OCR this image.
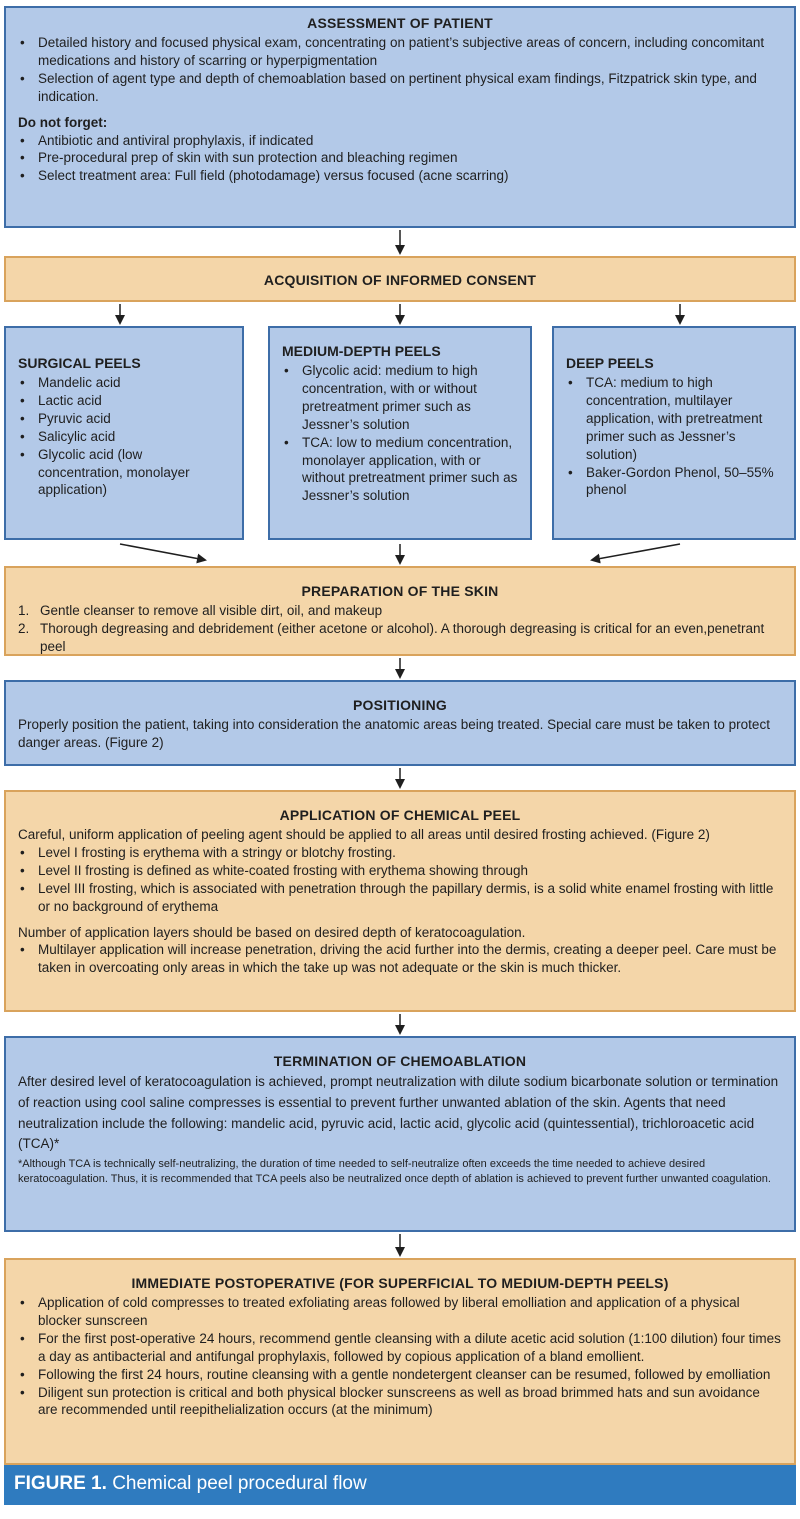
ASSESSMENT OF PATIENT
• Detailed history and focused physical exam, concentrating on patient’s subjective areas of concern, including concomitant medications and history of scarring or hyperpigmentation
• Selection of agent type and depth of chemoablation based on pertinent physical exam findings, Fitzpatrick skin type, and indication.
Do not forget:
• Antibiotic and antiviral prophylaxis, if indicated
• Pre-procedural prep of skin with sun protection and bleaching regimen
• Select treatment area: Full field (photodamage) versus focused (acne scarring)
ACQUISITION OF INFORMED CONSENT
SURGICAL PEELS
• Mandelic acid
• Lactic acid
• Pyruvic acid
• Salicylic acid
• Glycolic acid (low concentration, monolayer application)
MEDIUM-DEPTH PEELS
• Glycolic acid: medium to high concentration, with or without pretreatment primer such as Jessner’s solution
• TCA: low to medium concentration, monolayer application, with or without pretreatment primer such as Jessner’s solution
DEEP PEELS
• TCA: medium to high concentration, multilayer application, with pretreatment primer such as Jessner’s solution)
• Baker-Gordon Phenol, 50–55% phenol
PREPARATION OF THE SKIN
1. Gentle cleanser to remove all visible dirt, oil, and makeup
2. Thorough degreasing and debridement (either acetone or alcohol). A thorough degreasing is critical for an even,penetrant peel
POSITIONING
Properly position the patient, taking into consideration the anatomic areas being treated. Special care must be taken to protect danger areas. (Figure 2)
APPLICATION OF CHEMICAL PEEL
Careful, uniform application of peeling agent should be applied to all areas until desired frosting achieved. (Figure 2)
• Level I frosting is erythema with a stringy or blotchy frosting.
• Level II frosting is defined as white-coated frosting with erythema showing through
• Level III frosting, which is associated with penetration through the papillary dermis, is a solid white enamel frosting with little or no background of erythema
Number of application layers should be based on desired depth of keratocoagulation.
• Multilayer application will increase penetration, driving the acid further into the dermis, creating a deeper peel. Care must be taken in overcoating only areas in which the take up was not adequate or the skin is much thicker.
TERMINATION OF CHEMOABLATION
After desired level of keratocoagulation is achieved, prompt neutralization with dilute sodium bicarbonate solution or termination of reaction using cool saline compresses is essential to prevent further unwanted ablation of the skin. Agents that need neutralization include the following: mandelic acid, pyruvic acid, lactic acid, glycolic acid (quintessential), trichloroacetic acid (TCA)*
*Although TCA is technically self-neutralizing, the duration of time needed to self-neutralize often exceeds the time needed to achieve desired keratocoagulation. Thus, it is recommended that TCA peels also be neutralized once depth of ablation is achieved to prevent further unwanted coagulation.
IMMEDIATE POSTOPERATIVE (FOR SUPERFICIAL TO MEDIUM-DEPTH PEELS)
• Application of cold compresses to treated exfoliating areas followed by liberal emolliation and application of a physical blocker sunscreen
• For the first post-operative 24 hours, recommend gentle cleansing with a dilute acetic acid solution (1:100 dilution) four times a day as antibacterial and antifungal prophylaxis, followed by copious application of a bland emollient.
• Following the first 24 hours, routine cleansing with a gentle nondetergent cleanser can be resumed, followed by emolliation
• Diligent sun protection is critical and both physical blocker sunscreens as well as broad brimmed hats and sun avoidance are recommended until reepithelialization occurs (at the minimum)
FIGURE 1. Chemical peel procedural flow
